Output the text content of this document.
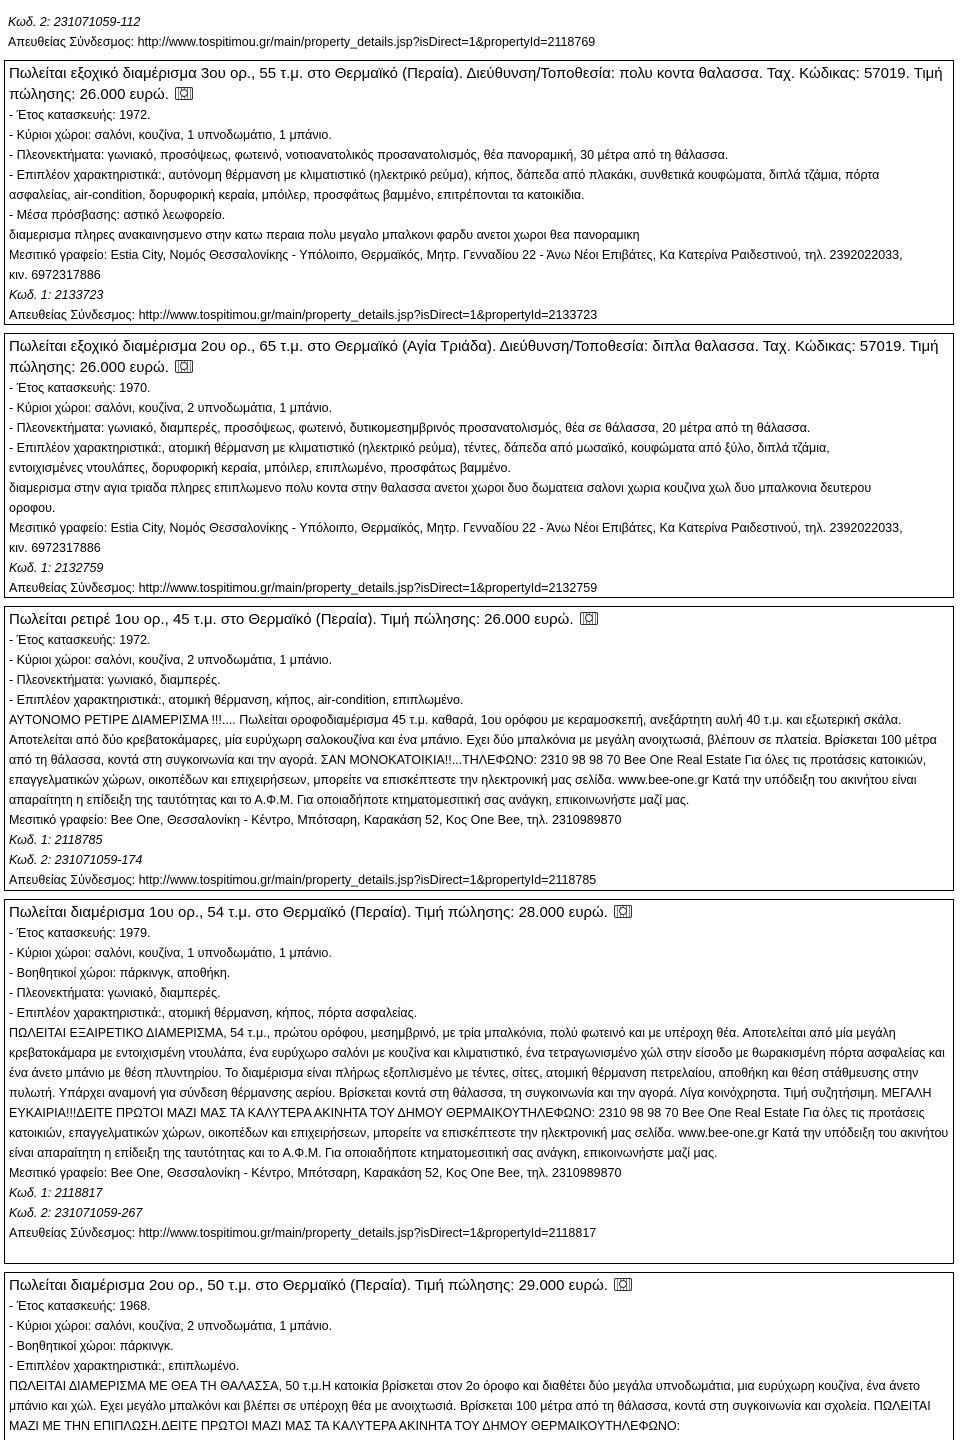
Κωδ. 2: 231071059-112
Απευθείας Σύνδεσμος: http://www.tospitimou.gr/main/property_details.jsp?isDirect=1&propertyId=2118769
Πωλείται εξοχικό διαμέρισμα 3ου ορ., 55 τ.μ. στο Θερμαϊκό (Περαία). Διεύθυνση/Τοποθεσία: πολυ κοντα θαλασσα. Ταχ. Κώδικας: 57019. Τιμή
πώλησης: 26.000 ευρώ.
- Έτος κατασκευής: 1972.
- Κύριοι χώροι: σαλόνι, κουζίνα, 1 υπνοδωμάτιο, 1 μπάνιο.
- Πλεονεκτήματα: γωνιακό, προσόψεως, φωτεινό, νοτιοανατολικός προσανατολισμός, θέα πανοραμική, 30 μέτρα από τη θάλασσα.
- Επιπλέον χαρακτηριστικά:, αυτόνομη θέρμανση με κλιματιστικό (ηλεκτρικό ρεύμα), κήπος, δάπεδα από πλακάκι, συνθετικά κουφώματα, διπλά τζάμια, πόρτα
ασφαλείας, air-condition, δορυφορική κεραία, μπόιλερ, προσφάτως βαμμένο, επιτρέπονται τα κατοικίδια.
- Μέσα πρόσβασης: αστικό λεωφορείο.
διαμερισμα πληρες ανακαινησμενο στην κατω περαια πολυ μεγαλο μπαλκονι φαρδυ ανετοι χωροι θεα πανοραμικη
Μεσιτικό γραφείο: Estia City, Νομός Θεσσαλονίκης - Υπόλοιπο, Θερμαϊκός, Μητρ. Γενναδίου 22 - Άνω Νέοι Επιβάτες, Κα Κατερίνα Ραιδεστινού, τηλ. 2392022033,
κιν. 6972317886
Κωδ. 1: 2133723
Απευθείας Σύνδεσμος: http://www.tospitimou.gr/main/property_details.jsp?isDirect=1&propertyId=2133723
Πωλείται εξοχικό διαμέρισμα 2ου ορ., 65 τ.μ. στο Θερμαϊκό (Αγία Τριάδα). Διεύθυνση/Τοποθεσία: διπλα θαλασσα. Ταχ. Κώδικας: 57019. Τιμή
πώλησης: 26.000 ευρώ.
- Έτος κατασκευής: 1970.
- Κύριοι χώροι: σαλόνι, κουζίνα, 2 υπνοδωμάτια, 1 μπάνιο.
- Πλεονεκτήματα: γωνιακό, διαμπερές, προσόψεως, φωτεινό, δυτικομεσημβρινός προσανατολισμός, θέα σε θάλασσα, 20 μέτρα από τη θάλασσα.
- Επιπλέον χαρακτηριστικά:, ατομική θέρμανση με κλιματιστικό (ηλεκτρικό ρεύμα), τέντες, δάπεδα από μωσαϊκό, κουφώματα από ξύλο, διπλά τζάμια,
εντοιχισμένες ντουλάπες, δορυφορική κεραία, μπόιλερ, επιπλωμένο, προσφάτως βαμμένο.
διαμερισμα στην αγια τριαδα πληρες επιπλωμενο πολυ κοντα στην θαλασσα ανετοι χωροι δυο δωματεια σαλονι χωρια κουζινα χωλ δυο μπαλκονια δευτερου
οροφου.
Μεσιτικό γραφείο: Estia City, Νομός Θεσσαλονίκης - Υπόλοιπο, Θερμαϊκός, Μητρ. Γενναδίου 22 - Άνω Νέοι Επιβάτες, Κα Κατερίνα Ραιδεστινού, τηλ. 2392022033,
κιν. 6972317886
Κωδ. 1: 2132759
Απευθείας Σύνδεσμος: http://www.tospitimou.gr/main/property_details.jsp?isDirect=1&propertyId=2132759
Πωλείται ρετιρέ 1ου ορ., 45 τ.μ. στο Θερμαϊκό (Περαία). Τιμή πώλησης: 26.000 ευρώ.
- Έτος κατασκευής: 1972.
- Κύριοι χώροι: σαλόνι, κουζίνα, 2 υπνοδωμάτια, 1 μπάνιο.
- Πλεονεκτήματα: γωνιακό, διαμπερές.
- Επιπλέον χαρακτηριστικά:, ατομική θέρμανση, κήπος, air-condition, επιπλωμένο.
ΑΥΤΟΝΟΜΟ ΡΕΤΙΡΕ ΔΙΑΜΕΡΙΣΜΑ !!!.... Πωλείται οροφοδιαμέρισμα 45 τ.μ. καθαρά, 1ου ορόφου με κεραμοσκεπή, ανεξάρτητη αυλή 40 τ.μ. και εξωτερική σκάλα. Αποτελείται από δύο κρεβατοκάμαρες, μία ευρύχωρη σαλοκουζίνα και ένα μπάνιο. Εχει δύο μπαλκόνια με μεγάλη ανοιχτωσιά, βλέπουν σε πλατεία. Βρίσκεται 100 μέτρα από τη θάλασσα, κοντά στη συγκοινωνία και την αγορά. ΣΑΝ ΜΟΝΟΚΑΤΟΙΚΙΑ!!...ΤΗΛΕΦΩΝΟ: 2310 98 98 70 Bee One Real Estate Για όλες τις προτάσεις κατοικιών, επαγγελματικών χώρων, οικοπέδων και επιχειρήσεων, μπορείτε να επισκέπτεστε την ηλεκτρονική μας σελίδα. www.bee-one.gr Κατά την υπόδειξη του ακινήτου είναι απαραίτητη η επίδειξη της ταυτότητας και το Α.Φ.Μ. Για οποιαδήποτε κτηματομεσιτική σας ανάγκη, επικοινωνήστε μαζί μας.
Μεσιτικό γραφείο: Bee One, Θεσσαλονίκη - Κέντρο, Μπότσαρη, Καρακάση 52, Κος One Bee, τηλ. 2310989870
Κωδ. 1: 2118785
Κωδ. 2: 231071059-174
Απευθείας Σύνδεσμος: http://www.tospitimou.gr/main/property_details.jsp?isDirect=1&propertyId=2118785
Πωλείται διαμέρισμα 1ου ορ., 54 τ.μ. στο Θερμαϊκό (Περαία). Τιμή πώλησης: 28.000 ευρώ.
- Έτος κατασκευής: 1979.
- Κύριοι χώροι: σαλόνι, κουζίνα, 1 υπνοδωμάτιο, 1 μπάνιο.
- Βοηθητικοί χώροι: πάρκινγκ, αποθήκη.
- Πλεονεκτήματα: γωνιακό, διαμπερές.
- Επιπλέον χαρακτηριστικά:, ατομική θέρμανση, κήπος, πόρτα ασφαλείας.
ΠΩΛΕΙΤΑΙ ΕΞΑΙΡΕΤΙΚΟ ΔΙΑΜΕΡΙΣΜΑ, 54 τ.μ., πρώτου ορόφου, μεσημβρινό, με τρία μπαλκόνια, πολύ φωτεινό και με υπέροχη θέα. Αποτελείται από μία μεγάλη κρεβατοκάμαρα με εντοιχισμένη ντουλάπα, ένα ευρύχωρο σαλόνι με κουζίνα και κλιματιστικό, ένα τετραγωνισμένο χώλ στην είσοδο με θωρακισμένη πόρτα ασφαλείας και ένα άνετο μπάνιο με θέση πλυντηρίου. Το διαμέρισμα είναι πλήρως εξοπλισμένο με τέντες, σίτες, ατομική θέρμανση πετρελαίου, αποθήκη και θέση στάθμευσης στην πυλωτή. Υπάρχει αναμονή για σύνδεση θέρμανσης αερίου. Βρίσκεται κοντά στη θάλασσα, τη συγκοινωνία και την αγορά. Λίγα κοινόχρηστα. Τιμή συζητήσιμη. ΜΕΓΑΛΗ ΕΥΚΑΙΡΙΑ!!!ΔΕΙΤΕ ΠΡΩΤΟΙ ΜΑΖΙ ΜΑΣ ΤΑ ΚΑΛΥΤΕΡΑ ΑΚΙΝΗΤΑ ΤΟΥ ΔΗΜΟΥ ΘΕΡΜΑΙΚΟΥΤΗΛΕΦΩΝΟ: 2310 98 98 70 Bee One Real Estate Για όλες τις προτάσεις κατοικιών, επαγγελματικών χώρων, οικοπέδων και επιχειρήσεων, μπορείτε να επισκέπτεστε την ηλεκτρονική μας σελίδα. www.bee-one.gr Κατά την υπόδειξη του ακινήτου είναι απαραίτητη η επίδειξη της ταυτότητας και το Α.Φ.Μ. Για οποιαδήποτε κτηματομεσιτική σας ανάγκη, επικοινωνήστε μαζί μας.
Μεσιτικό γραφείο: Bee One, Θεσσαλονίκη - Κέντρο, Μπότσαρη, Καρακάση 52, Κος One Bee, τηλ. 2310989870
Κωδ. 1: 2118817
Κωδ. 2: 231071059-267
Απευθείας Σύνδεσμος: http://www.tospitimou.gr/main/property_details.jsp?isDirect=1&propertyId=2118817
Πωλείται διαμέρισμα 2ου ορ., 50 τ.μ. στο Θερμαϊκό (Περαία). Τιμή πώλησης: 29.000 ευρώ.
- Έτος κατασκευής: 1968.
- Κύριοι χώροι: σαλόνι, κουζίνα, 2 υπνοδωμάτια, 1 μπάνιο.
- Βοηθητικοί χώροι: πάρκινγκ.
- Επιπλέον χαρακτηριστικά:, επιπλωμένο.
ΠΩΛΕΙΤΑΙ ΔΙΑΜΕΡΙΣΜΑ ΜΕ ΘΕΑ ΤΗ ΘΑΛΑΣΣΑ, 50 τ.μ.Η κατοικία βρίσκεται στον 2ο όροφο και διαθέτει δύο μεγάλα υπνοδωμάτια, μια ευρύχωρη κουζίνα, ένα άνετο μπάνιο και χώλ. Εχει μεγάλο μπαλκόνι και βλέπει σε υπέροχη θέα με ανοιχτωσιά. Βρίσκεται 100 μέτρα από τη θάλασσα, κοντά στη συγκοινωνία και σχολεία. ΠΩΛΕΙΤΑΙ ΜΑΖΙ ΜΕ ΤΗΝ ΕΠΙΠΛΩΣΗ.ΔΕΙΤΕ ΠΡΩΤΟΙ ΜΑΖΙ ΜΑΣ ΤΑ ΚΑΛΥΤΕΡΑ ΑΚΙΝΗΤΑ ΤΟΥ ΔΗΜΟΥ ΘΕΡΜΑΙΚΟΥΤΗΛΕΦΩΝΟ:
